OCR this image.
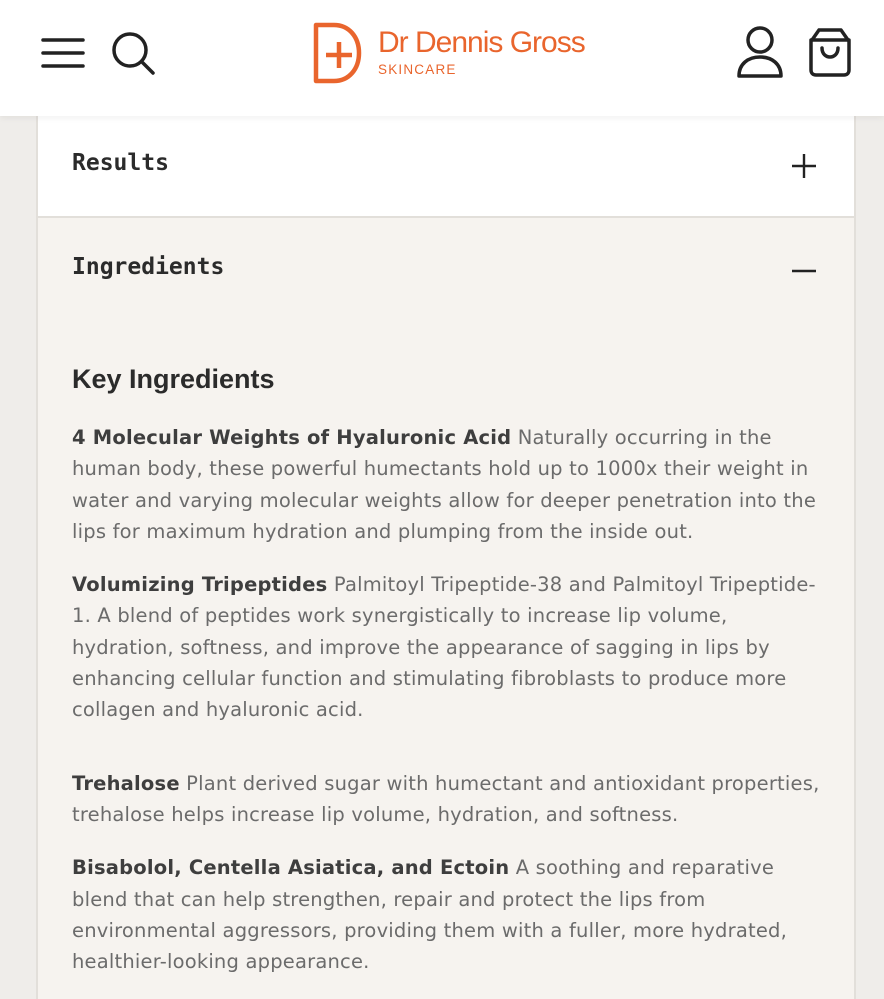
Dr Dennis Gross
SKINCARE
Results
Ingredients
Key Ingredients

4 Molecular Weights of Hyaluronic Acid Naturally occurring in the human body, these powerful humectants hold up to 1000x their weight in water and varying molecular weights allow for deeper penetration into the lips for maximum hydration and plumping from the inside out.

Volumizing Tripeptides Palmitoyl Tripeptide-38 and Palmitoyl Tripeptide-1. A blend of peptides work synergistically to increase lip volume, hydration, softness, and improve the appearance of sagging in lips by enhancing cellular function and stimulating fibroblasts to produce more collagen and hyaluronic acid.

Trehalose Plant derived sugar with humectant and antioxidant properties, trehalose helps increase lip volume, hydration, and softness.

Bisabolol, Centella Asiatica, and Ectoin A soothing and reparative blend that can help strengthen, repair and protect the lips from environmental aggressors, providing them with a fuller, more hydrated, healthier-looking appearance.
